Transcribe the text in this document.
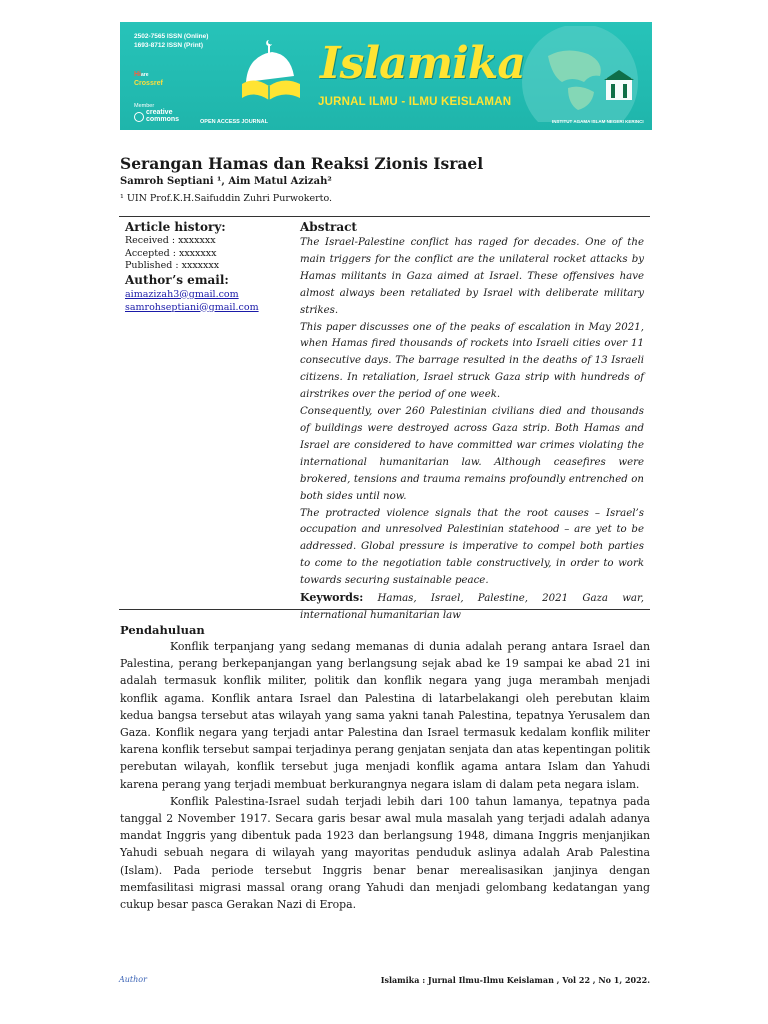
2502-7565 ISSN (Online)
1693-8712 ISSN (Print)
Hiare
Crossref
Member
creative
commons	OPEN ACCESS JOURNAL
Islamika
JURNAL ILMU - ILMU KEISLAMAN
INSTITUT AGAMA ISLAM NEGERI KERINCI
Serangan Hamas dan Reaksi Zionis Israel
Samroh Septiani ¹, Aim Matul Azizah²
¹ UIN Prof.K.H.Saifuddin Zuhri Purwokerto.
Article history:
Received : xxxxxxx
Accepted : xxxxxxx
Published : xxxxxxx
Author’s email:
aimazizah3@gmail.com
samrohseptiani@gmail.com
Abstract

The Israel-Palestine conflict has raged for decades. One of the main triggers for the conflict are the unilateral rocket attacks by Hamas militants in Gaza aimed at Israel. These offensives have almost always been retaliated by Israel with deliberate military strikes.

This paper discusses one of the peaks of escalation in May 2021, when Hamas fired thousands of rockets into Israeli cities over 11 consecutive days. The barrage resulted in the deaths of 13 Israeli citizens. In retaliation, Israel struck Gaza strip with hundreds of airstrikes over the period of one week.

Consequently, over 260 Palestinian civilians died and thousands of buildings were destroyed across Gaza strip. Both Hamas and Israel are considered to have committed war crimes violating the international humanitarian law. Although ceasefires were brokered, tensions and trauma remains profoundly entrenched on both sides until now.

The protracted violence signals that the root causes – Israel’s occupation and unresolved Palestinian statehood – are yet to be addressed. Global pressure is imperative to compel both parties to come to the negotiation table constructively, in order to work towards securing sustainable peace.

Keywords: Hamas, Israel, Palestine, 2021 Gaza war, international humanitarian law

Pendahuluan

Konflik terpanjang yang sedang memanas di dunia adalah perang antara Israel dan Palestina, perang berkepanjangan yang berlangsung sejak abad ke 19 sampai ke abad 21 ini adalah termasuk konflik militer, politik dan konflik negara yang juga merambah menjadi konflik agama. Konflik antara Israel dan Palestina di latarbelakangi oleh perebutan klaim kedua bangsa tersebut atas wilayah yang sama yakni tanah Palestina, tepatnya Yerusalem dan Gaza. Konflik negara yang terjadi antar Palestina dan Israel termasuk kedalam konflik militer karena konflik tersebut sampai terjadinya perang genjatan senjata dan atas kepentingan politik perebutan wilayah, konflik tersebut juga menjadi konflik agama antara Islam dan Yahudi karena perang yang terjadi membuat berkurangnya negara islam di dalam peta negara islam.

Konflik Palestina-Israel sudah terjadi lebih dari 100 tahun lamanya, tepatnya pada tanggal 2 November 1917. Secara garis besar awal mula masalah yang terjadi adalah adanya mandat Inggris yang dibentuk pada 1923 dan berlangsung 1948, dimana Inggris menjanjikan Yahudi sebuah negara di wilayah yang mayoritas penduduk aslinya adalah Arab Palestina (Islam). Pada periode tersebut Inggris benar benar merealisasikan janjinya dengan memfasilitasi migrasi massal orang orang Yahudi dan menjadi gelombang kedatangan yang cukup besar pasca Gerakan Nazi di Eropa.

Author	Islamika : Jurnal Ilmu-Ilmu Keislaman , Vol 22 , No 1, 2022.
